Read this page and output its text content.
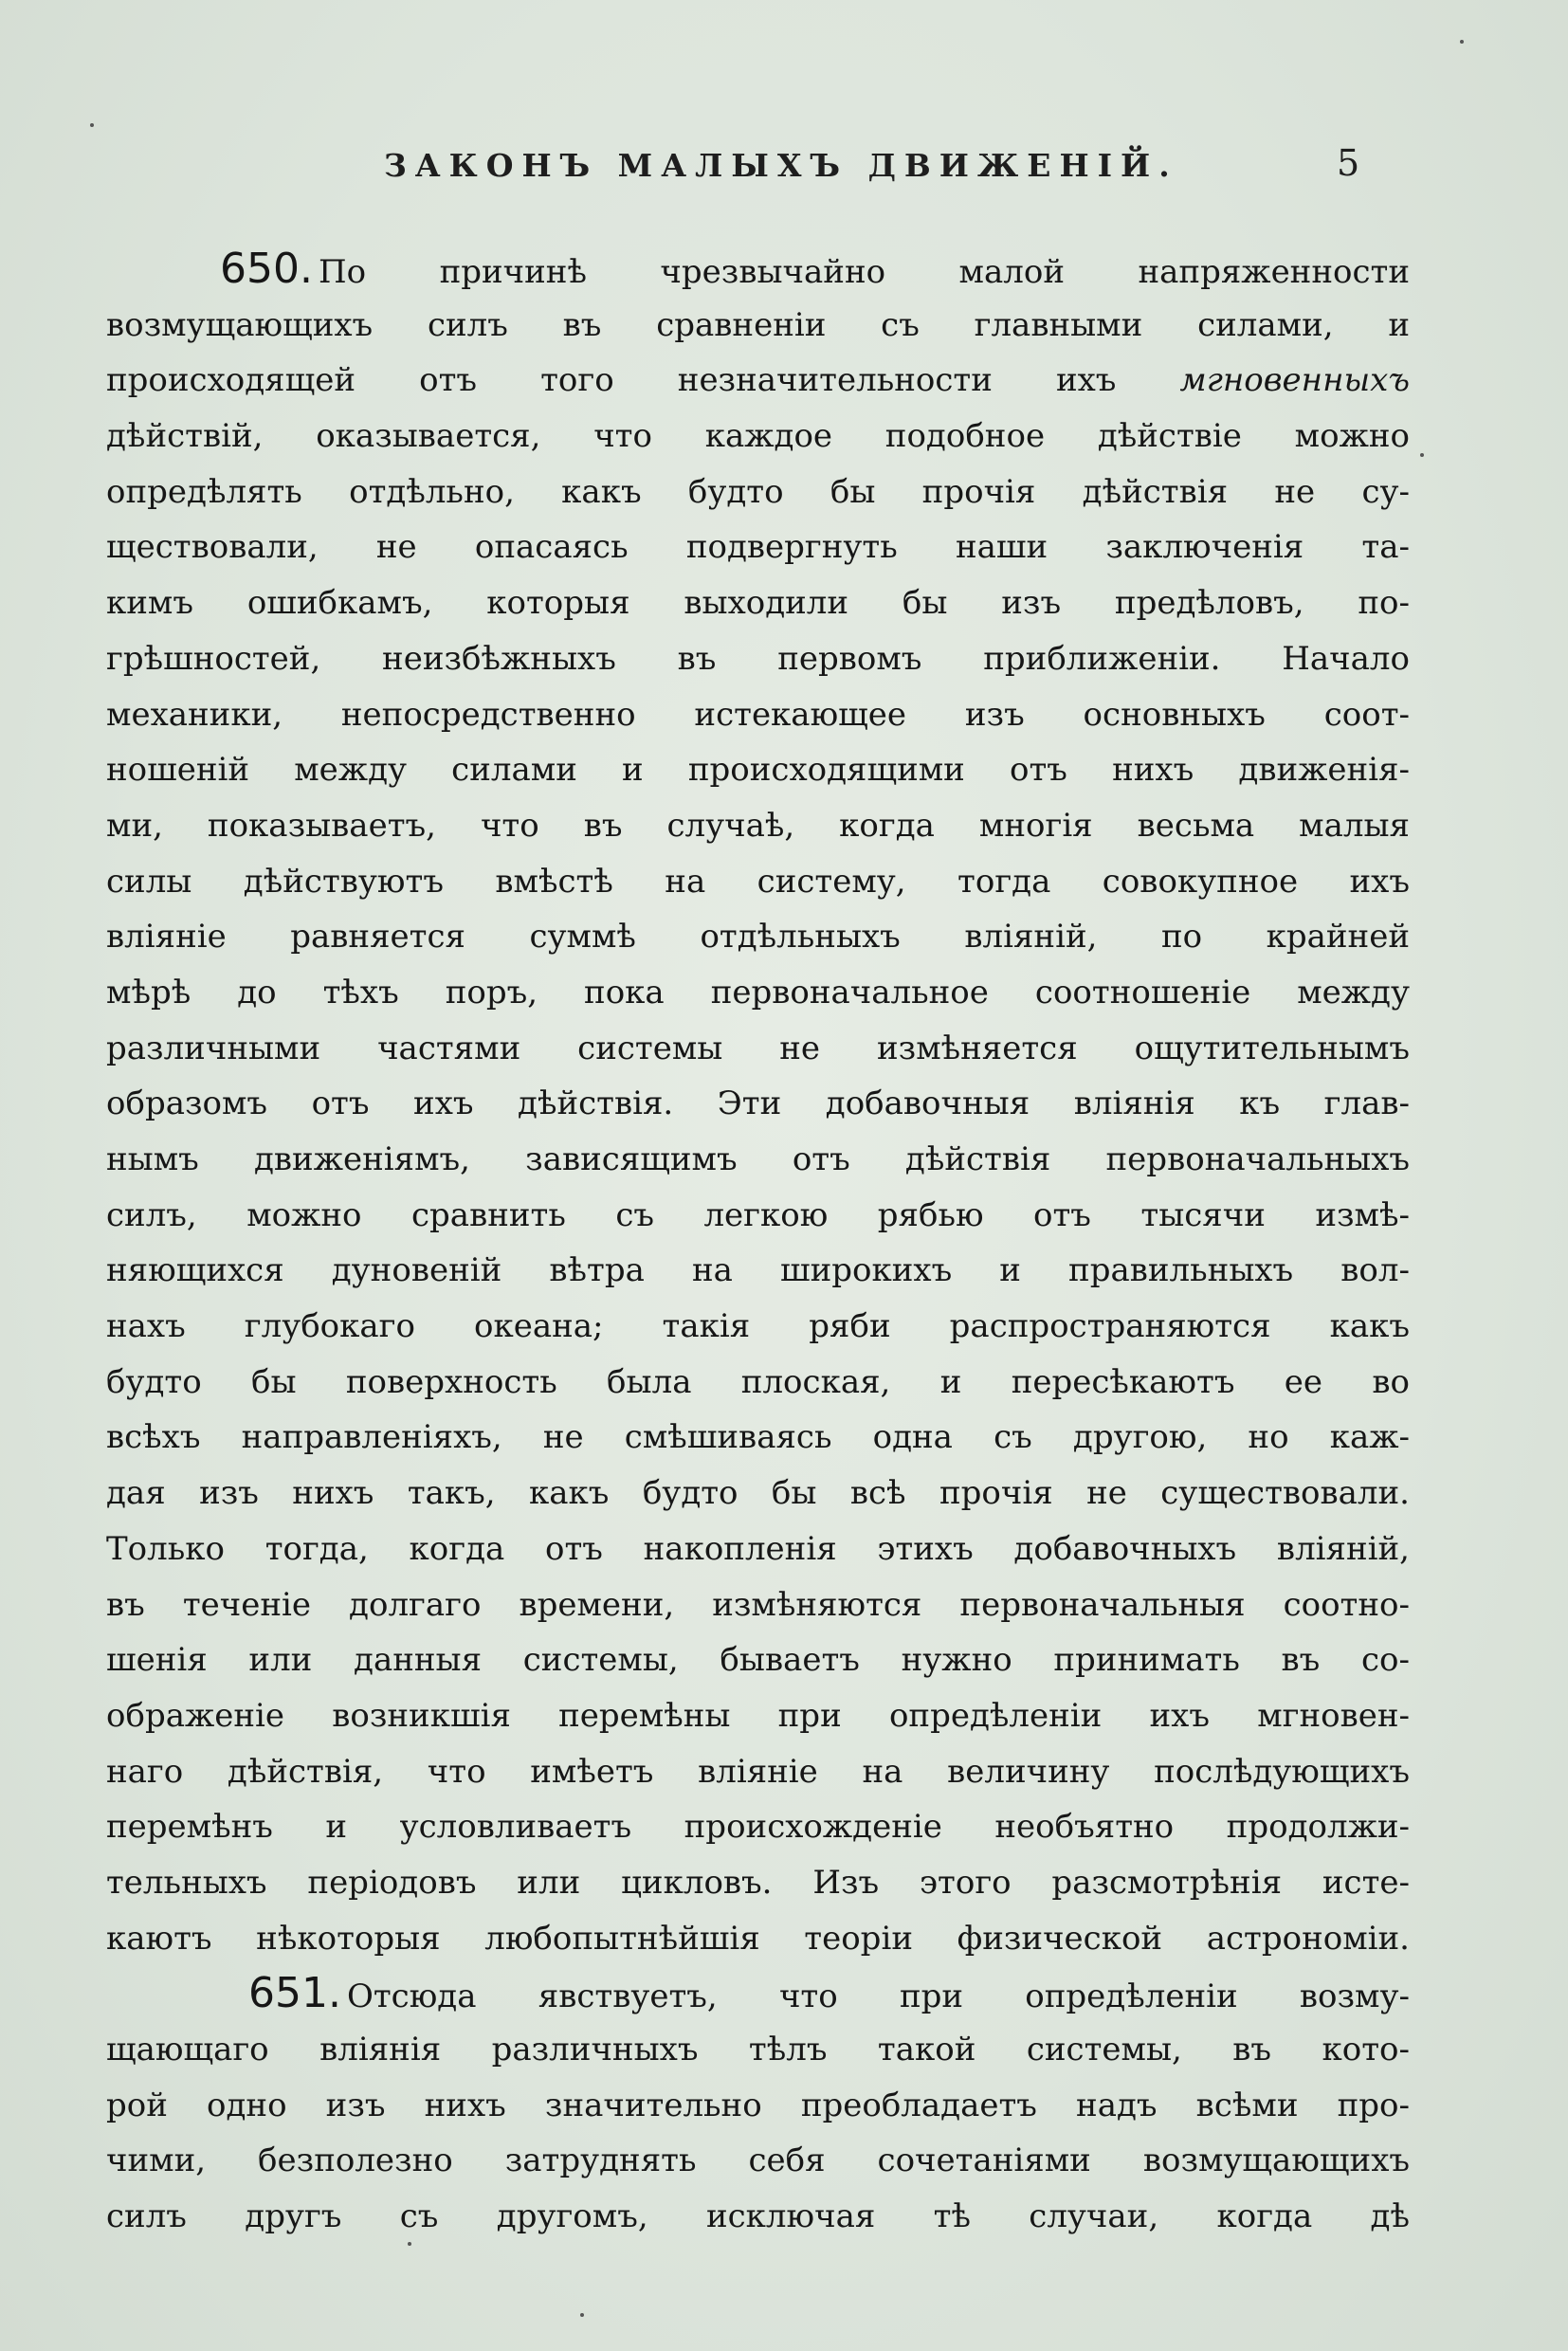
ЗАКОНЪ МАЛЫХЪ ДВИЖЕНIЙ.	5
650. По причинѣ чрезвычайно малой напряженности
возмущающихъ силъ въ сравненіи съ главными силами, и
происходящей отъ того незначительности ихъ мгновенныхъ
дѣйствій, оказывается, что каждое подобное дѣйствіе можно
опредѣлять отдѣльно, какъ будто бы прочія дѣйствія не су-
ществовали, не опасаясь подвергнуть наши заключенія та-
кимъ ошибкамъ, которыя выходили бы изъ предѣловъ, по-
грѣшностей, неизбѣжныхъ въ первомъ приближеніи. Начало
механики, непосредственно истекающее изъ основныхъ соот-
ношеній между силами и происходящими отъ нихъ движенія-
ми, показываетъ, что въ случаѣ, когда многія весьма малыя
силы дѣйствуютъ вмѣстѣ на систему, тогда совокупное ихъ
вліяніе равняется суммѣ отдѣльныхъ вліяній, по крайней
мѣрѣ до тѣхъ поръ, пока первоначальное соотношеніе между
различными частями системы не измѣняется ощутительнымъ
образомъ отъ ихъ дѣйствія. Эти добавочныя вліянія къ глав-
нымъ движеніямъ, зависящимъ отъ дѣйствія первоначальныхъ
силъ, можно сравнить съ легкою рябью отъ тысячи измѣ-
няющихся дуновеній вѣтра на широкихъ и правильныхъ вол-
нахъ глубокаго океана; такія ряби распространяются какъ
будто бы поверхность была плоская, и пересѣкаютъ ее во
всѣхъ направленіяхъ, не смѣшиваясь одна съ другою, но каж-
дая изъ нихъ такъ, какъ будто бы всѣ прочія не существовали.
Только тогда, когда отъ накопленія этихъ добавочныхъ вліяній,
въ теченіе долгаго времени, измѣняются первоначальныя соотно-
шенія или данныя системы, бываетъ нужно принимать въ со-
ображеніе возникшія перемѣны при опредѣленіи ихъ мгновен-
наго дѣйствія, что имѣетъ вліяніе на величину послѣдующихъ
перемѣнъ и условливаетъ происхожденіе необъятно продолжи-
тельныхъ періодовъ или цикловъ. Изъ этого разсмотрѣнія исте-
каютъ нѣкоторыя любопытнѣйшія теоріи физической астрономіи.
651. Отсюда явствуетъ, что при опредѣленіи возму-
щающаго вліянія различныхъ тѣлъ такой системы, въ кото-
рой одно изъ нихъ значительно преобладаетъ надъ всѣми про-
чими, безполезно затруднять себя сочетаніями возмущающихъ
силъ другъ съ другомъ, исключая тѣ случаи, когда дѣ
